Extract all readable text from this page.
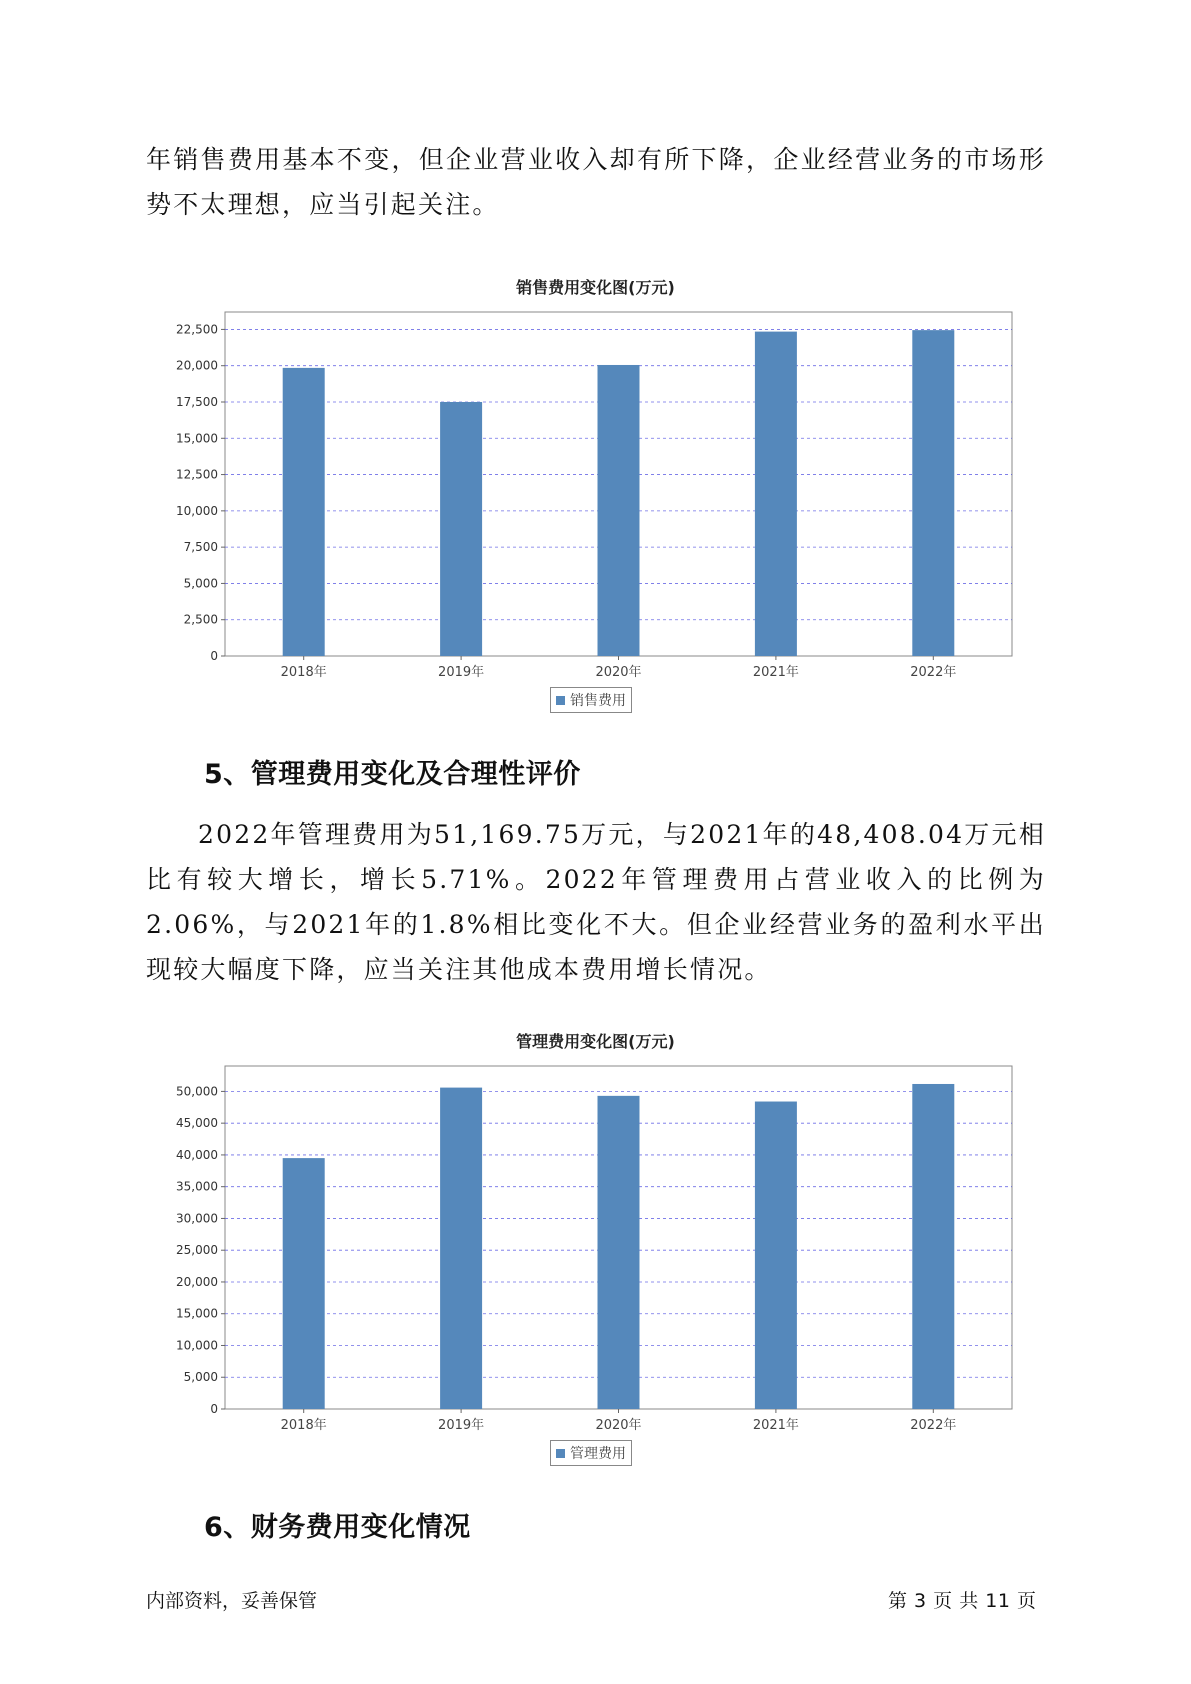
年销售费用基本不变，但企业营业收入却有所下降，企业经营业务的市场形势不太理想，应当引起关注。

销售费用变化图(万元)

0
2,500
5,000
7,500
10,000
12,500
15,000
17,500
20,000
22,500
2018年	2019年	2020年	2021年	2022年
销售费用
5、管理费用变化及合理性评价

2022年管理费用为51,169.75万元，与2021年的48,408.04万元相比有较大增长，增长5.71%。2022年管理费用占营业收入的比例为2.06%，与2021年的1.8%相比变化不大。但企业经营业务的盈利水平出现较大幅度下降，应当关注其他成本费用增长情况。

管理费用变化图(万元)

0
5,000
10,000
15,000
20,000
25,000
30,000
35,000
40,000
45,000
50,000
2018年	2019年	2020年	2021年	2022年
管理费用
6、财务费用变化情况

内部资料，妥善保管	第 3 页 共 11 页
